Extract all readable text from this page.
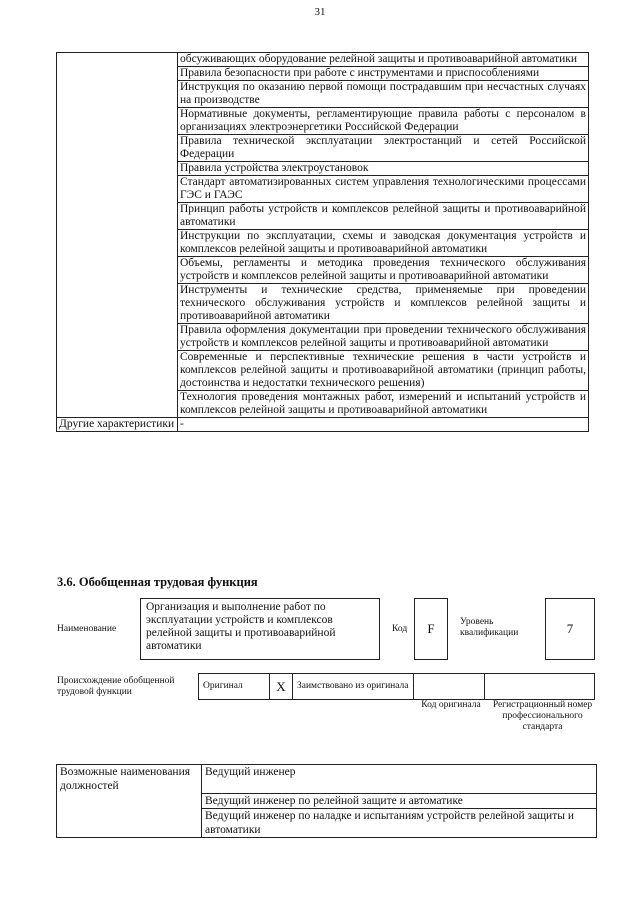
31
	обсуживающих оборудование релейной защиты и противоаварийной автоматики
	Правила безопасности при работе с инструментами и приспособлениями
	Инструкция по оказанию первой помощи пострадавшим при несчастных случаях на производстве
	Нормативные документы, регламентирующие правила работы с персоналом в организациях электроэнергетики Российской Федерации
	Правила технической эксплуатации электростанций и сетей Российской Федерации
	Правила устройства электроустановок
	Стандарт автоматизированных систем управления технологическими процессами ГЭС и ГАЭС
	Принцип работы устройств и комплексов релейной защиты и противоаварийной автоматики
	Инструкции по эксплуатации, схемы и заводская документация устройств и комплексов релейной защиты и противоаварийной автоматики
	Объемы, регламенты и методика проведения технического обслуживания устройств и комплексов релейной защиты и противоаварийной автоматики
	Инструменты и технические средства, применяемые при проведении технического обслуживания устройств и комплексов релейной защиты и противоаварийной автоматики
	Правила оформления документации при проведении технического обслуживания устройств и комплексов релейной защиты и противоаварийной автоматики
	Современные и перспективные технические решения в части устройств и комплексов релейной защиты и противоаварийной автоматики (принцип работы, достоинства и недостатки технического решения)
	Технология проведения монтажных работ, измерений и испытаний устройств и комплексов релейной защиты и противоаварийной автоматики
Другие характеристики	-
3.6. Обобщенная трудовая функция
Наименование
Организация и выполнение работ по эксплуатации устройств и комплексов релейной защиты и противоаварийной автоматики
Код	F	Уровень квалификации	7
Происхождение обобщенной трудовой функции
Оригинал	X	Заимствовано из оригинала		
Код оригинала Регистрационный номер профессионального стандарта
Возможные наименования должностей	Ведущий инженер
	Ведущий инженер по релейной защите и автоматике
	Ведущий инженер по наладке и испытаниям устройств релейной защиты и автоматики
